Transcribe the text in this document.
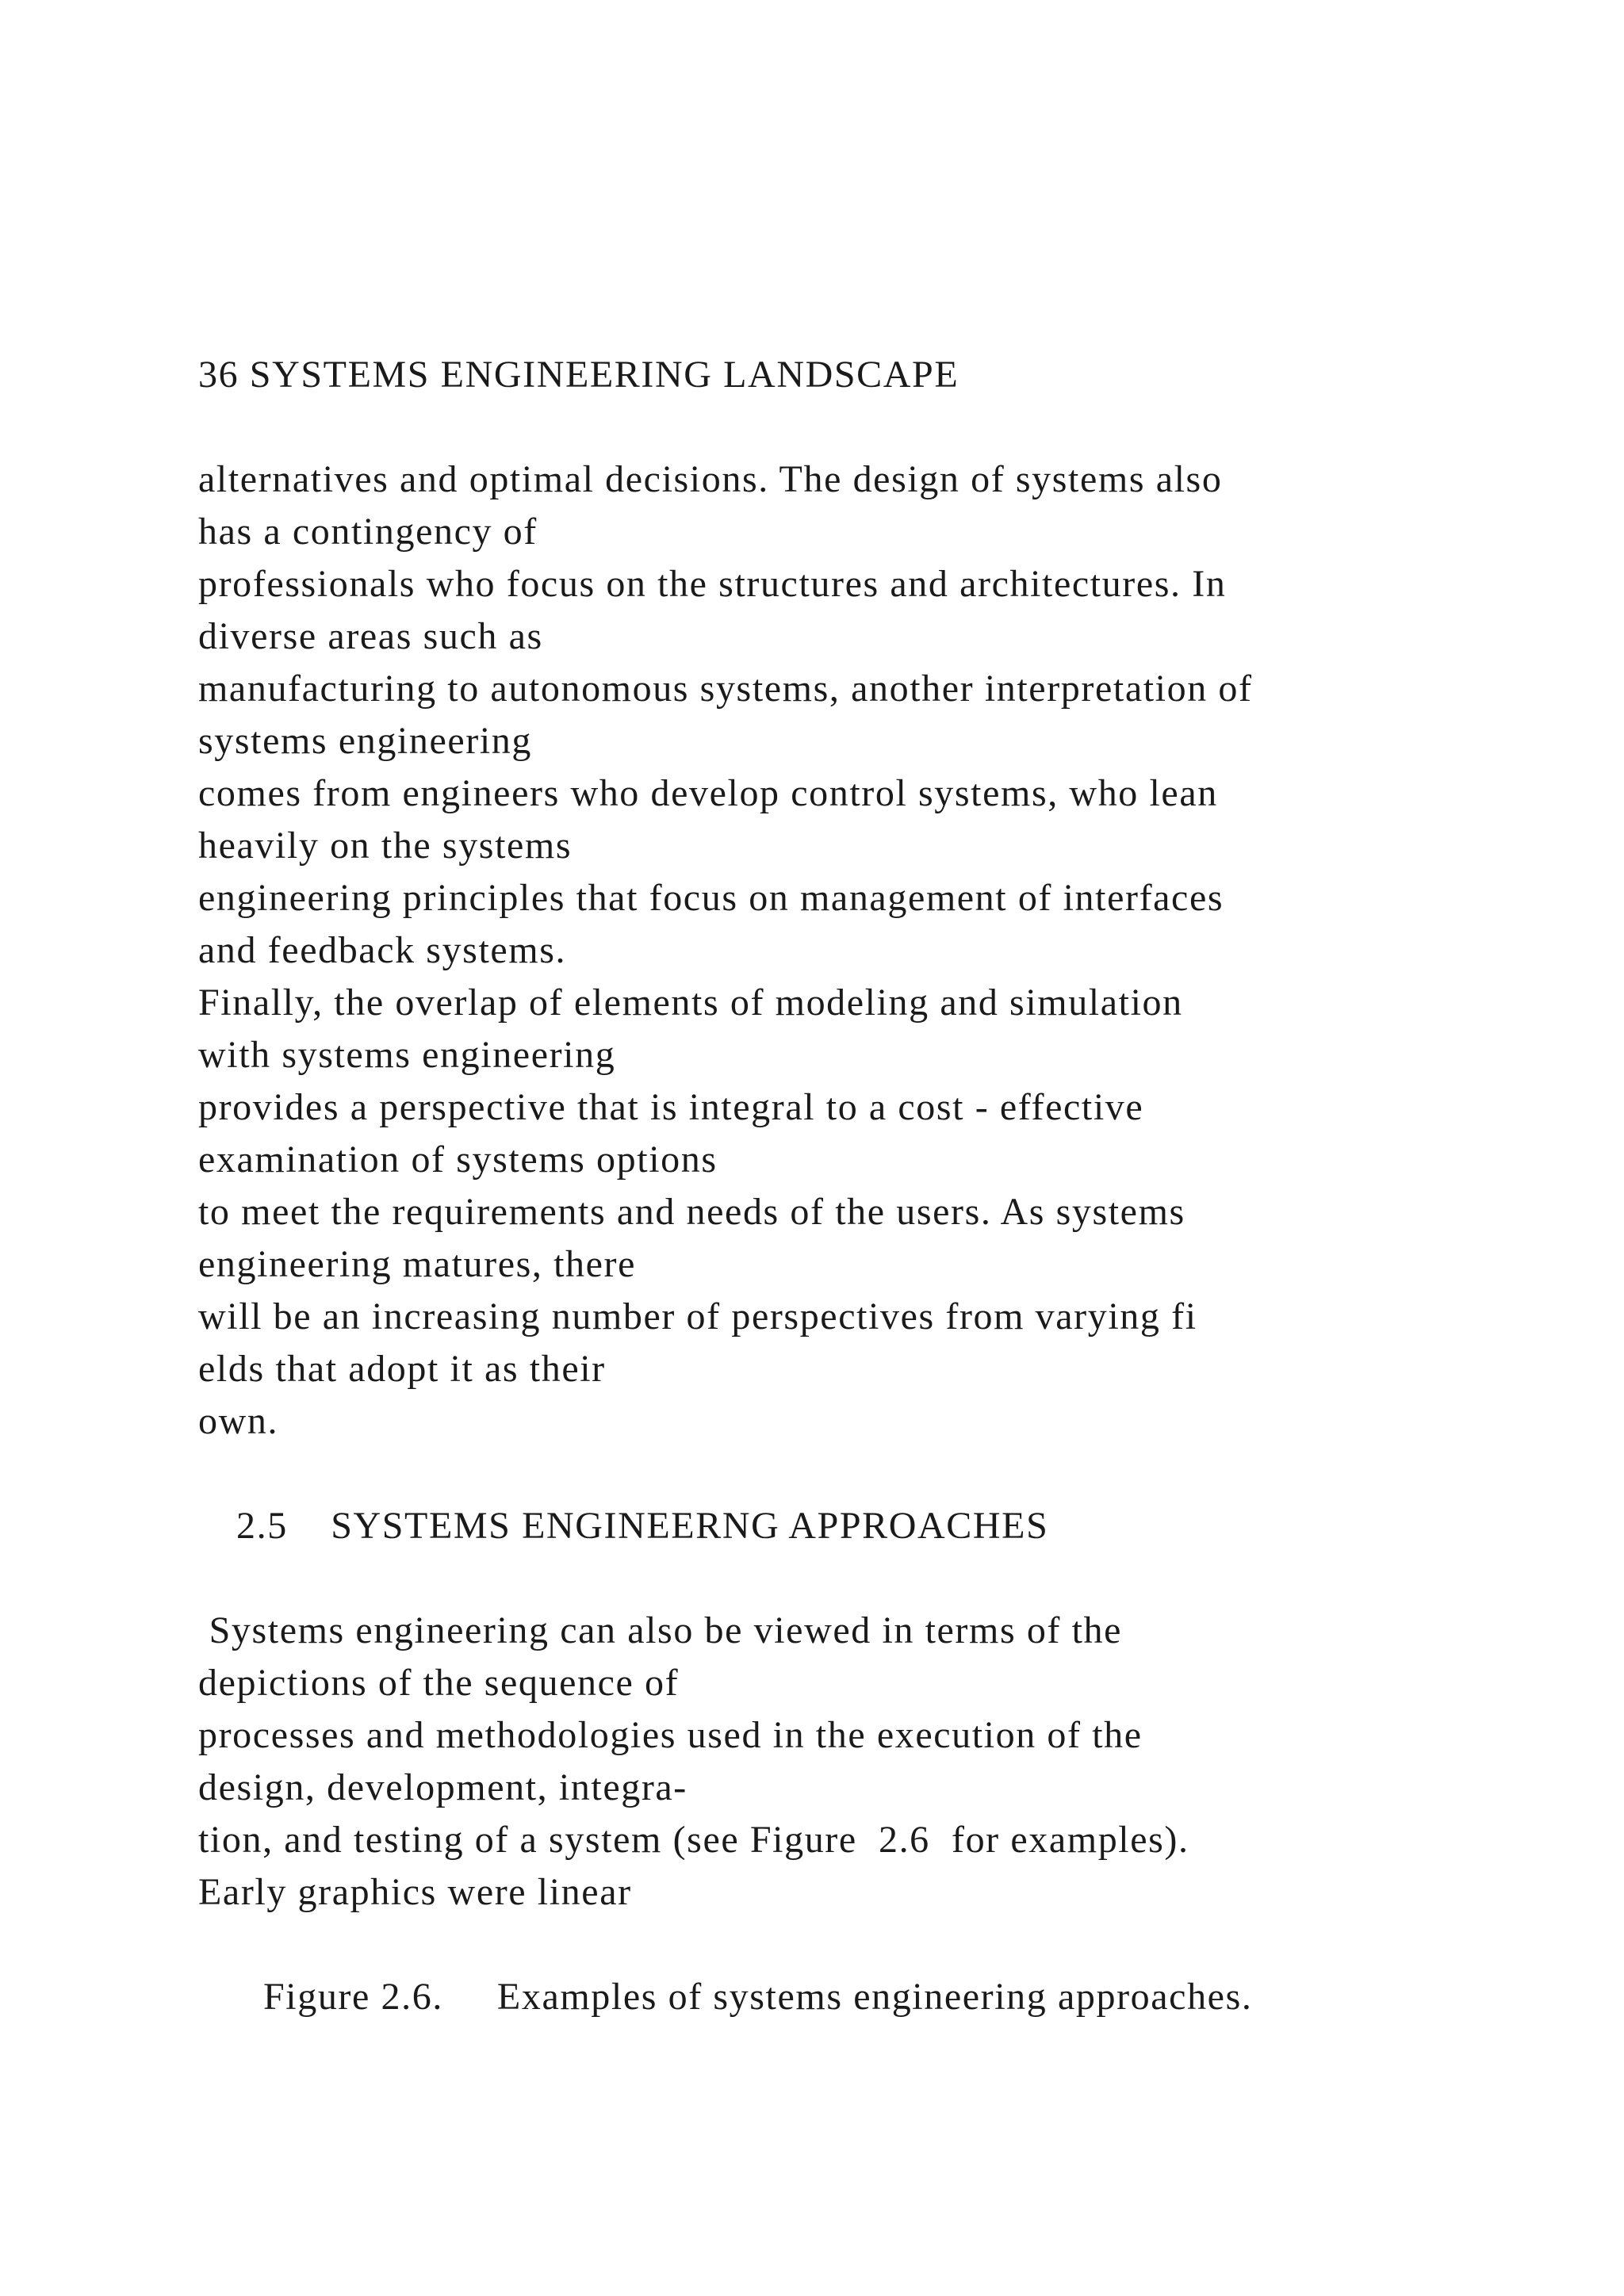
36 SYSTEMS ENGINEERING LANDSCAPE

alternatives and optimal decisions. The design of systems also
has a contingency of
professionals who focus on the structures and architectures. In
diverse areas such as
manufacturing to autonomous systems, another interpretation of
systems engineering
comes from engineers who develop control systems, who lean
heavily on the systems
engineering principles that focus on management of interfaces
and feedback systems.
Finally, the overlap of elements of modeling and simulation
with systems engineering
provides a perspective that is integral to a cost - effective
examination of systems options
to meet the requirements and needs of the users. As systems
engineering matures, there
will be an increasing number of perspectives from varying fi
elds that adopt it as their
own.

2.5    SYSTEMS ENGINEERNG APPROACHES

Systems engineering can also be viewed in terms of the
depictions of the sequence of
processes and methodologies used in the execution of the
design, development, integra-
tion, and testing of a system (see Figure  2.6  for examples).
Early graphics were linear

Figure 2.6.     Examples of systems engineering approaches.
